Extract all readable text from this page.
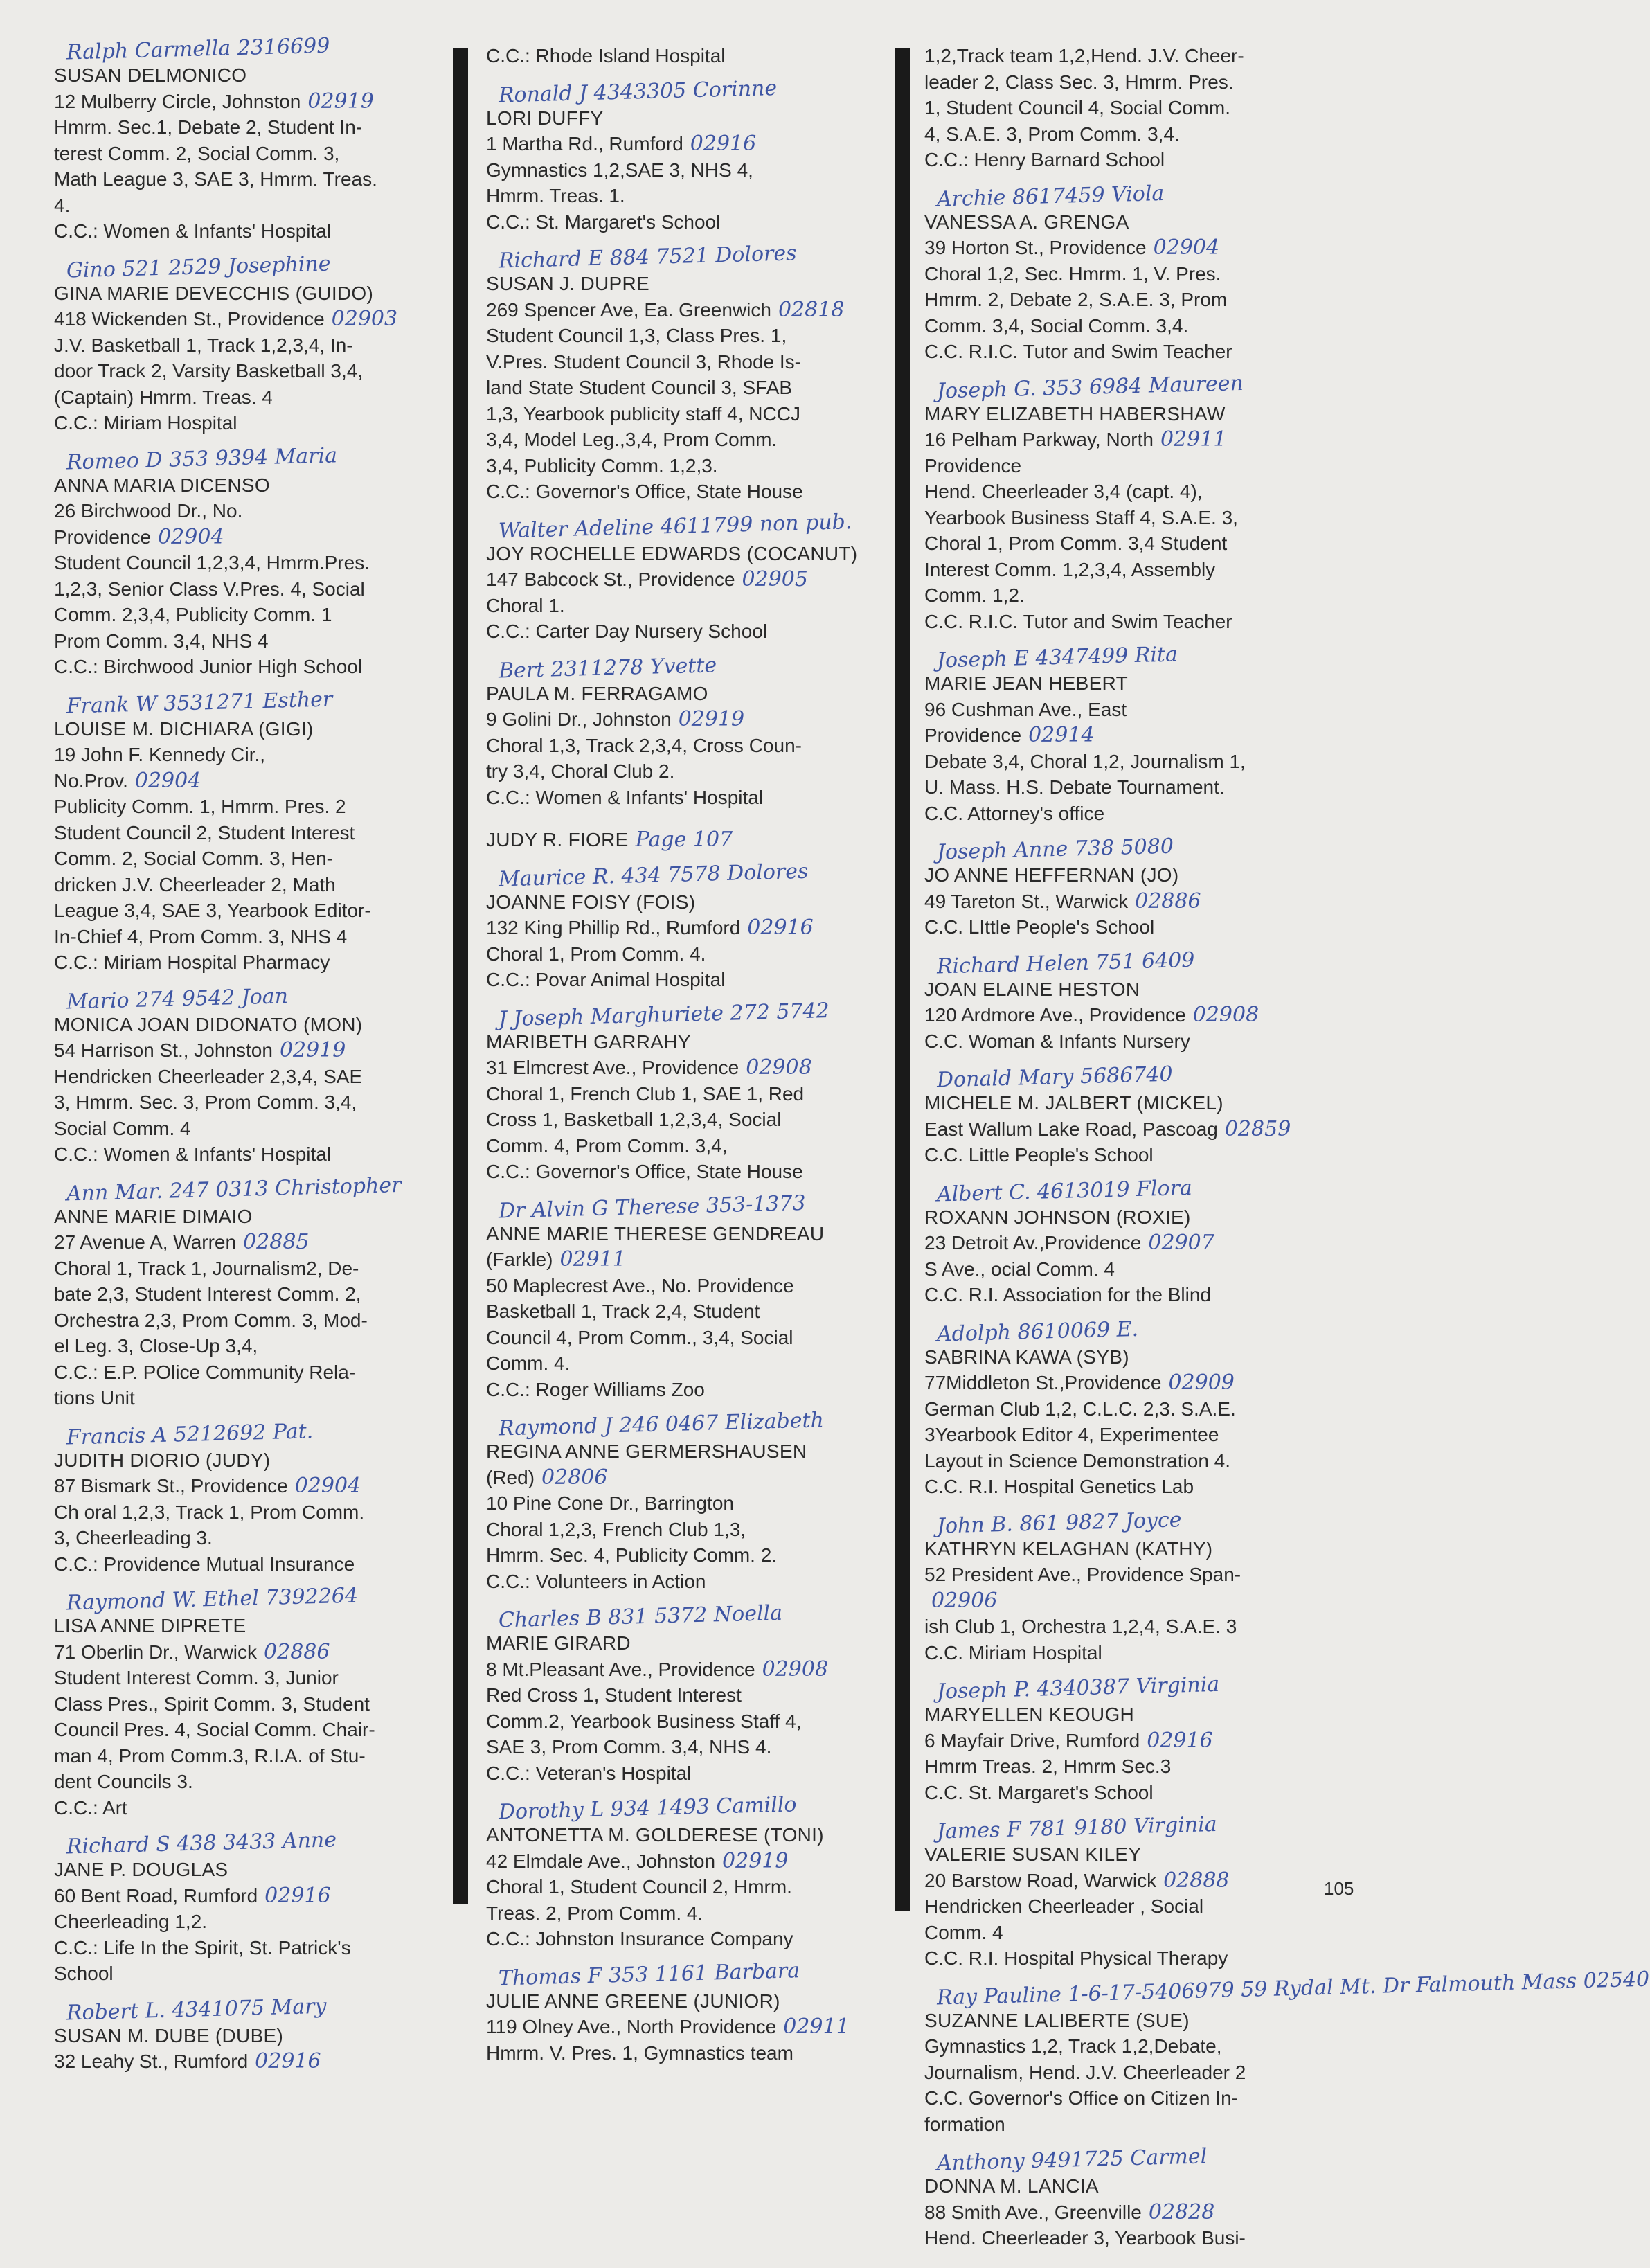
Ralph Carmella 2316699
SUSAN DELMONICO
12 Mulberry Circle, Johnston 02919
Hmrm. Sec.1, Debate 2, Student In-
terest Comm. 2, Social Comm. 3,
Math League 3, SAE 3, Hmrm. Treas.
4.
C.C.: Women & Infants' Hospital
Gino 521 2529 Josephine
GINA MARIE DEVECCHIS (GUIDO)
418 Wickenden St., Providence 02903
J.V. Basketball 1, Track 1,2,3,4, In-
door Track 2, Varsity Basketball 3,4,
(Captain) Hmrm. Treas. 4
C.C.: Miriam Hospital
Romeo D 353 9394 Maria
ANNA MARIA DICENSO
26 Birchwood Dr., No. Providence 02904
Student Council 1,2,3,4, Hmrm.Pres.
1,2,3, Senior Class V.Pres. 4, Social
Comm. 2,3,4, Publicity Comm. 1
Prom Comm. 3,4, NHS 4
C.C.: Birchwood Junior High School
Frank W 3531271 Esther
LOUISE M. DICHIARA (GIGI)
19 John F. Kennedy Cir., No.Prov. 02904
Publicity Comm. 1, Hmrm. Pres. 2
Student Council 2, Student Interest
Comm. 2, Social Comm. 3, Hen-
dricken J.V. Cheerleader 2, Math
League 3,4, SAE 3, Yearbook Editor-
In-Chief 4, Prom Comm. 3, NHS 4
C.C.: Miriam Hospital Pharmacy
Mario 274 9542 Joan
MONICA JOAN DIDONATO (MON)
54 Harrison St., Johnston 02919
Hendricken Cheerleader 2,3,4, SAE
3, Hmrm. Sec. 3, Prom Comm. 3,4,
Social Comm. 4
C.C.: Women & Infants' Hospital
Ann Mar. 247 0313 Christopher
ANNE MARIE DIMAIO
27 Avenue A, Warren 02885
Choral 1, Track 1, Journalism2, De-
bate 2,3, Student Interest Comm. 2,
Orchestra 2,3, Prom Comm. 3, Mod-
el Leg. 3, Close-Up 3,4,
C.C.: E.P. POlice Community Rela-
tions Unit
Francis A 5212692 Pat.
JUDITH DIORIO (JUDY)
87 Bismark St., Providence 02904
Ch oral 1,2,3, Track 1, Prom Comm.
3, Cheerleading 3.
C.C.: Providence Mutual Insurance
Raymond W. Ethel 7392264
LISA ANNE DIPRETE
71 Oberlin Dr., Warwick 02886
Student Interest Comm. 3, Junior
Class Pres., Spirit Comm. 3, Student
Council Pres. 4, Social Comm. Chair-
man 4, Prom Comm.3, R.I.A. of Stu-
dent Councils 3.
C.C.: Art
Richard S 438 3433 Anne
JANE P. DOUGLAS
60 Bent Road, Rumford 02916
Cheerleading 1,2.
C.C.: Life In the Spirit, St. Patrick's
School
Robert L. 4341075 Mary
SUSAN M. DUBE (DUBE)
32 Leahy St., Rumford 02916
C.C.: Rhode Island Hospital
Ronald J 4343305 Corinne
LORI DUFFY
1 Martha Rd., Rumford 02916
Gymnastics 1,2,SAE 3, NHS 4,
Hmrm. Treas. 1.
C.C.: St. Margaret's School
Richard E 884 7521 Dolores
SUSAN J. DUPRE
269 Spencer Ave, Ea. Greenwich 02818
Student Council 1,3, Class Pres. 1,
V.Pres. Student Council 3, Rhode Is-
land State Student Council 3, SFAB
1,3, Yearbook publicity staff 4, NCCJ
3,4, Model Leg.,3,4, Prom Comm.
3,4, Publicity Comm. 1,2,3.
C.C.: Governor's Office, State House
Walter Adeline 4611799 non pub.
JOY ROCHELLE EDWARDS (COCANUT)
147 Babcock St., Providence 02905
Choral 1.
C.C.: Carter Day Nursery School
Bert 2311278 Yvette
PAULA M. FERRAGAMO
9 Golini Dr., Johnston 02919
Choral 1,3, Track 2,3,4, Cross Coun-
try 3,4, Choral Club 2.
C.C.: Women & Infants' Hospital
JUDY R. FIORE Page 107
Maurice R. 434 7578 Dolores
JOANNE FOISY (FOIS)
132 King Phillip Rd., Rumford 02916
Choral 1, Prom Comm. 4.
C.C.: Povar Animal Hospital
J Joseph Marghuriete 272 5742
MARIBETH GARRAHY
31 Elmcrest Ave., Providence 02908
Choral 1, French Club 1, SAE 1, Red
Cross 1, Basketball 1,2,3,4, Social
Comm. 4, Prom Comm. 3,4,
C.C.: Governor's Office, State House
Dr Alvin G Therese 353-1373
ANNE MARIE THERESE GENDREAU
(Farkle) 02911
50 Maplecrest Ave., No. Providence
Basketball 1, Track 2,4, Student
Council 4, Prom Comm., 3,4, Social
Comm. 4.
C.C.: Roger Williams Zoo
Raymond J 246 0467 Elizabeth
REGINA ANNE GERMERSHAUSEN
(Red) 02806
10 Pine Cone Dr., Barrington
Choral 1,2,3, French Club 1,3,
Hmrm. Sec. 4, Publicity Comm. 2.
C.C.: Volunteers in Action
Charles B 831 5372 Noella
MARIE GIRARD
8 Mt.Pleasant Ave., Providence 02908
Red Cross 1, Student Interest
Comm.2, Yearbook Business Staff 4,
SAE 3, Prom Comm. 3,4, NHS 4.
C.C.: Veteran's Hospital
Dorothy L 934 1493 Camillo
ANTONETTA M. GOLDERESE (TONI)
42 Elmdale Ave., Johnston 02919
Choral 1, Student Council 2, Hmrm.
Treas. 2, Prom Comm. 4.
C.C.: Johnston Insurance Company
Thomas F 353 1161 Barbara
JULIE ANNE GREENE (JUNIOR)
119 Olney Ave., North Providence 02911
Hmrm. V. Pres. 1, Gymnastics team
1,2,Track team 1,2,Hend. J.V. Cheer-
leader 2, Class Sec. 3, Hmrm. Pres.
1, Student Council 4, Social Comm.
4, S.A.E. 3, Prom Comm. 3,4.
C.C.: Henry Barnard School
Archie 8617459 Viola
VANESSA A. GRENGA
39 Horton St., Providence 02904
Choral 1,2, Sec. Hmrm. 1, V. Pres.
Hmrm. 2, Debate 2, S.A.E. 3, Prom
Comm. 3,4, Social Comm. 3,4.
C.C. R.I.C. Tutor and Swim Teacher
Joseph G. 353 6984 Maureen
MARY ELIZABETH HABERSHAW
16 Pelham Parkway, North 02911
Providence
Hend. Cheerleader 3,4 (capt. 4),
Yearbook Business Staff 4, S.A.E. 3,
Choral 1, Prom Comm. 3,4 Student
Interest Comm. 1,2,3,4, Assembly
Comm. 1,2.
C.C. R.I.C. Tutor and Swim Teacher
Joseph E 4347499 Rita
MARIE JEAN HEBERT
96 Cushman Ave., East Providence 02914
Debate 3,4, Choral 1,2, Journalism 1,
U. Mass. H.S. Debate Tournament.
C.C. Attorney's office
Joseph Anne 738 5080
JO ANNE HEFFERNAN (JO)
49 Tareton St., Warwick 02886
C.C. LIttle People's School
Richard Helen 751 6409
JOAN ELAINE HESTON
120 Ardmore Ave., Providence 02908
C.C. Woman & Infants Nursery
Donald Mary 5686740
MICHELE M. JALBERT (MICKEL)
East Wallum Lake Road, Pascoag 02859
C.C. Little People's School
Albert C. 4613019 Flora
ROXANN JOHNSON (ROXIE)
23 Detroit Av.,Providence 02907
S Ave., ocial Comm. 4
C.C. R.I. Association for the Blind
Adolph 8610069 E.
SABRINA KAWA (SYB)
77Middleton St.,Providence 02909
German Club 1,2, C.L.C. 2,3. S.A.E.
3Yearbook Editor 4, Experimentee
Layout in Science Demonstration 4.
C.C. R.I. Hospital Genetics Lab
John B. 861 9827 Joyce
KATHRYN KELAGHAN (KATHY)
52 President Ave., Providence Span-02906
ish Club 1, Orchestra 1,2,4, S.A.E. 3
C.C. Miriam Hospital
Joseph P. 4340387 Virginia
MARYELLEN KEOUGH
6 Mayfair Drive, Rumford 02916
Hmrm Treas. 2, Hmrm Sec.3
C.C. St. Margaret's School
James F 781 9180 Virginia
VALERIE SUSAN KILEY
20 Barstow Road, Warwick 02888
Hendricken Cheerleader , Social
Comm. 4
C.C. R.I. Hospital Physical Therapy
Ray Pauline 1-6-17-5406979 59 Rydal Mt. Dr Falmouth Mass 02540
SUZANNE LALIBERTE (SUE)
Gymnastics 1,2, Track 1,2,Debate,
Journalism, Hend. J.V. Cheerleader 2
C.C. Governor's Office on Citizen In-
formation
Anthony 9491725 Carmel
DONNA M. LANCIA
88 Smith Ave., Greenville 02828
Hend. Cheerleader 3, Yearbook Busi-
105
